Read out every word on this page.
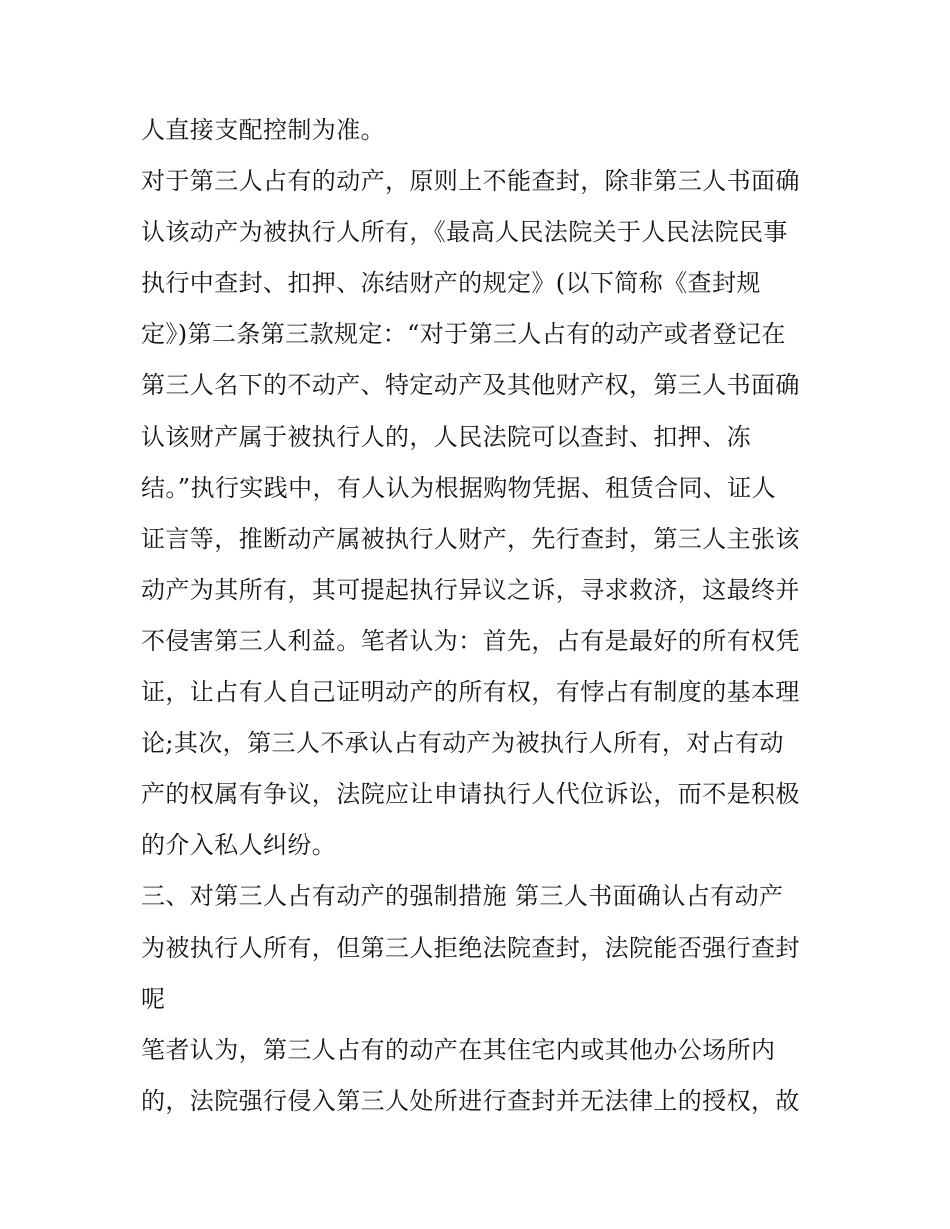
人直接支配控制为准。
对于第三人占有的动产，原则上不能查封，除非第三人书面确
认该动产为被执行人所有，《最高人民法院关于人民法院民事
执行中查封、扣押、冻结财产的规定》(以下简称《查封规
定》)第二条第三款规定：“对于第三人占有的动产或者登记在
第三人名下的不动产、特定动产及其他财产权，第三人书面确
认该财产属于被执行人的，人民法院可以查封、扣押、冻
结。”执行实践中，有人认为根据购物凭据、租赁合同、证人
证言等，推断动产属被执行人财产，先行查封，第三人主张该
动产为其所有，其可提起执行异议之诉，寻求救济，这最终并
不侵害第三人利益。笔者认为：首先，占有是最好的所有权凭
证，让占有人自己证明动产的所有权，有悖占有制度的基本理
论;其次，第三人不承认占有动产为被执行人所有，对占有动
产的权属有争议，法院应让申请执行人代位诉讼，而不是积极
的介入私人纠纷。
三、对第三人占有动产的强制措施 第三人书面确认占有动产
为被执行人所有，但第三人拒绝法院查封，法院能否强行查封
呢
笔者认为，第三人占有的动产在其住宅内或其他办公场所内
的，法院强行侵入第三人处所进行查封并无法律上的授权，故
